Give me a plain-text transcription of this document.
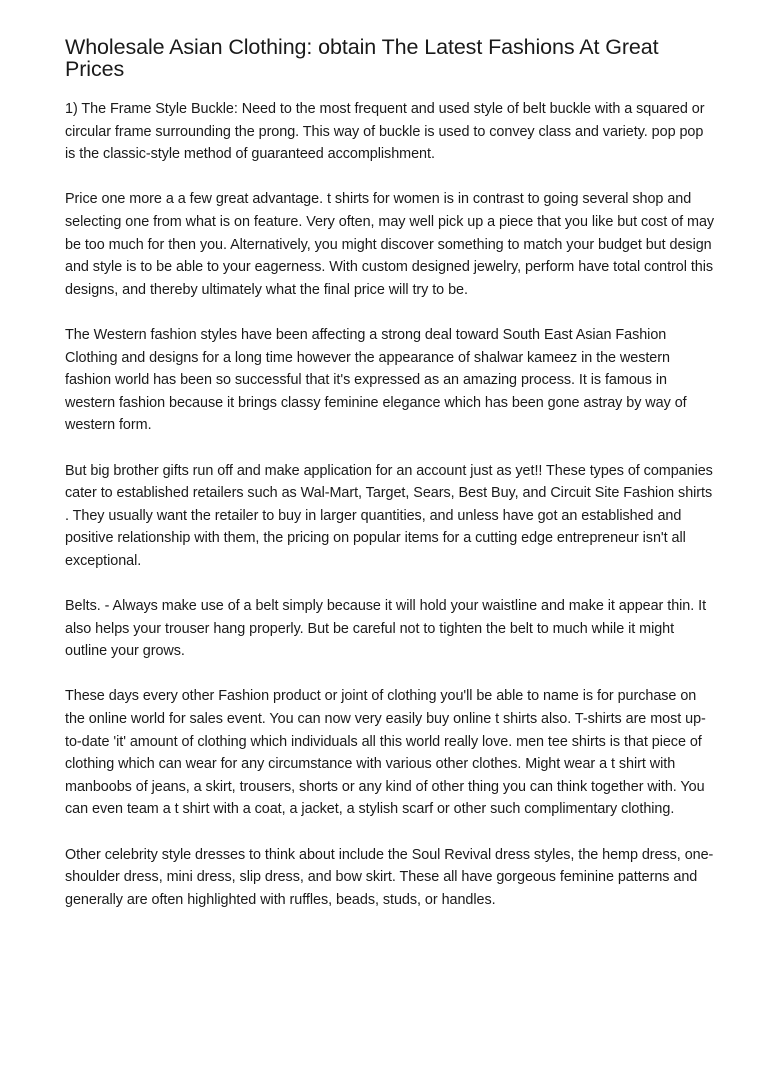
Wholesale Asian Clothing: obtain The Latest Fashions At Great Prices

1) The Frame Style Buckle: Need to the most frequent and used style of belt buckle with a squared or circular frame surrounding the prong. This way of buckle is used to convey class and variety. pop pop is the classic-style method of guaranteed accomplishment.

Price one more a a few great advantage. t shirts for women is in contrast to going several shop and selecting one from what is on feature. Very often, may well pick up a piece that you like but cost of may be too much for then you. Alternatively, you might discover something to match your budget but design and style is to be able to your eagerness. With custom designed jewelry, perform have total control this designs, and thereby ultimately what the final price will try to be.

The Western fashion styles have been affecting a strong deal toward South East Asian Fashion Clothing and designs for a long time however the appearance of shalwar kameez in the western fashion world has been so successful that it's expressed as an amazing process. It is famous in western fashion because it brings classy feminine elegance which has been gone astray by way of western form.

But big brother gifts run off and make application for an account just as yet!! These types of companies cater to established retailers such as Wal-Mart, Target, Sears, Best Buy, and Circuit Site Fashion shirts . They usually want the retailer to buy in larger quantities, and unless have got an established and positive relationship with them, the pricing on popular items for a cutting edge entrepreneur isn't all exceptional.

Belts. - Always make use of a belt simply because it will hold your waistline and make it appear thin. It also helps your trouser hang properly. But be careful not to tighten the belt to much while it might outline your grows.

These days every other Fashion product or joint of clothing you'll be able to name is for purchase on the online world for sales event. You can now very easily buy online t shirts also. T-shirts are most up-to-date 'it' amount of clothing which individuals all this world really love. men tee shirts is that piece of clothing which can wear for any circumstance with various other clothes. Might wear a t shirt with manboobs of jeans, a skirt, trousers, shorts or any kind of other thing you can think together with. You can even team a t shirt with a coat, a jacket, a stylish scarf or other such complimentary clothing.

Other celebrity style dresses to think about include the Soul Revival dress styles, the hemp dress, one-shoulder dress, mini dress, slip dress, and bow skirt. These all have gorgeous feminine patterns and generally are often highlighted with ruffles, beads, studs, or handles.
